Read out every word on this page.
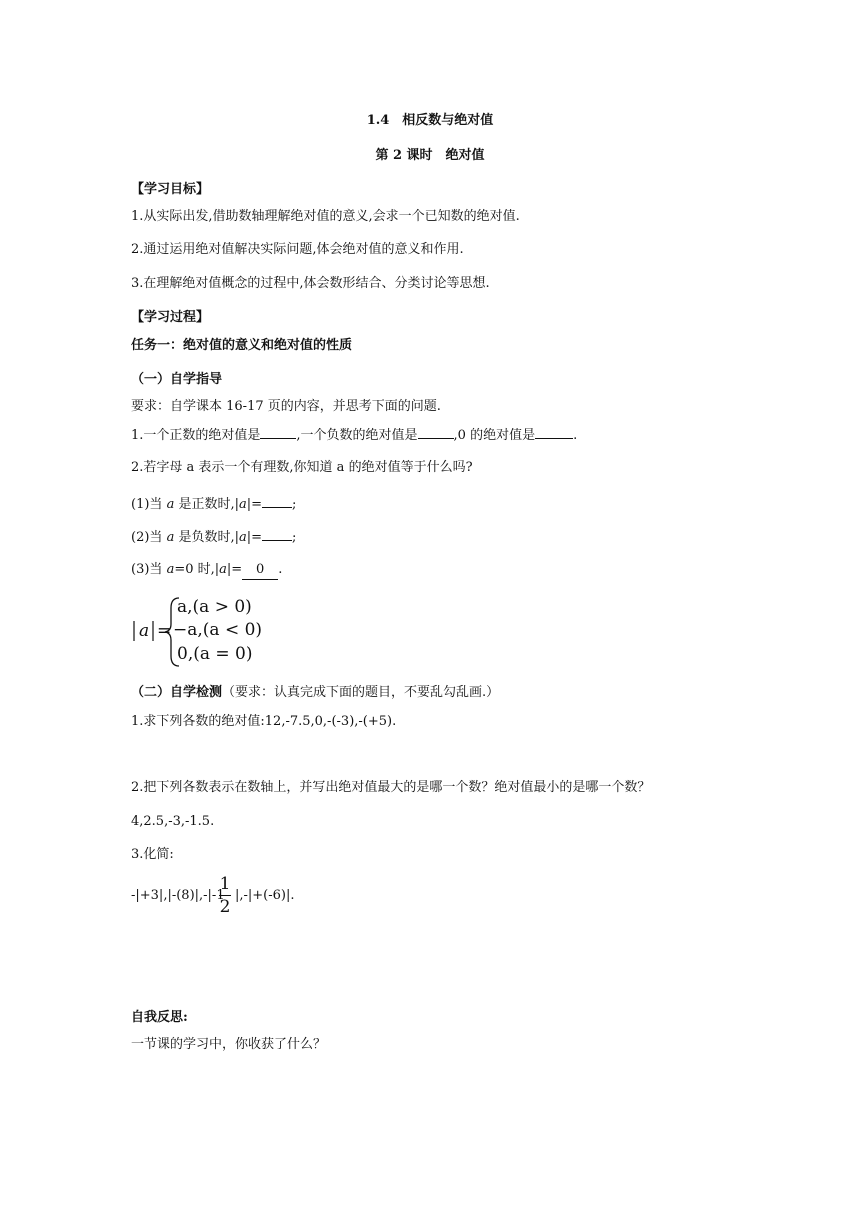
1.4　相反数与绝对值
第 2 课时　绝对值
【学习目标】
1.从实际出发,借助数轴理解绝对值的意义,会求一个已知数的绝对值.
2.通过运用绝对值解决实际问题,体会绝对值的意义和作用.
3.在理解绝对值概念的过程中,体会数形结合、分类讨论等思想.
【学习过程】
任务一：绝对值的意义和绝对值的性质
（一）自学指导
要求：自学课本 16-17 页的内容，并思考下面的问题.
1.一个正数的绝对值是	,一个负数的绝对值是	,0 的绝对值是	.
2.若字母 a 表示一个有理数,你知道 a 的绝对值等于什么吗?
(1)当 a 是正数时,|a|= ;
(2)当 a 是负数时,|a|= ;
(3)当 a=0 时,|a|= 0 .
a =
a,(a > 0)
−a,(a < 0)
0,(a = 0)
（二）自学检测（要求：认真完成下面的题目，不要乱勾乱画.）
1.求下列各数的绝对值:12,-7.5,0,-(-3),-(+5).
2.把下列各数表示在数轴上，并写出绝对值最大的是哪一个数？绝对值最小的是哪一个数？
4,2.5,-3,-1.5.
3.化简:
-|+3|,|-(8)|,-|-1
1
2
|,-|+(-6)|.
自我反思:
一节课的学习中，你收获了什么？
